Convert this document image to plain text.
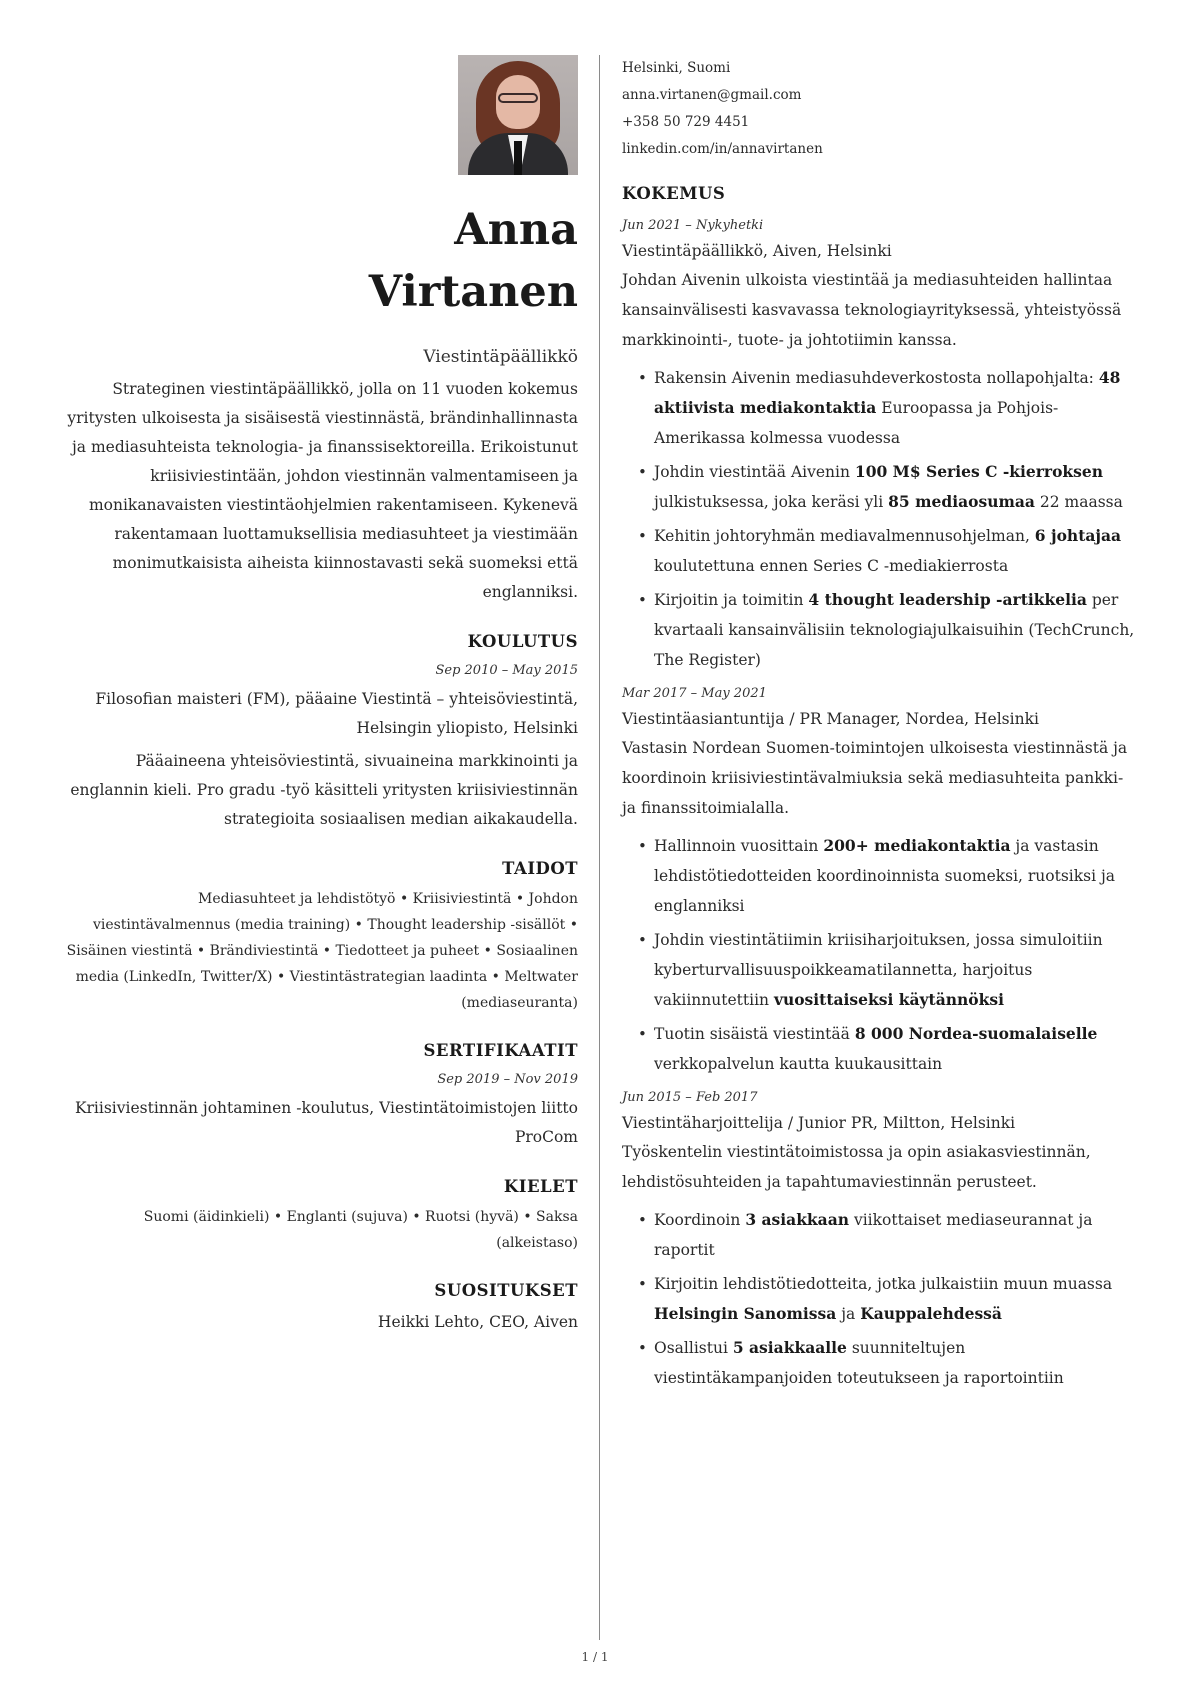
Anna
Virtanen
Viestintäpäällikkö
Strateginen viestintäpäällikkö, jolla on 11 vuoden kokemus yritysten ulkoisesta ja sisäisestä viestinnästä, brändinhallinnasta ja mediasuhteista teknologia- ja finanssisektoreilla. Erikoistunut kriisiviestintään, johdon viestinnän valmentamiseen ja monikanavaisten viestintäohjelmien rakentamiseen. Kykenevä rakentamaan luottamuksellisia mediasuhteet ja viestimään monimutkaisista aiheista kiinnostavasti sekä suomeksi että englanniksi.
KOULUTUS
Sep 2010 – May 2015
Filosofian maisteri (FM), pääaine Viestintä – yhteisöviestintä, Helsingin yliopisto, Helsinki
Pääaineena yhteisöviestintä, sivuaineina markkinointi ja englannin kieli. Pro gradu -työ käsitteli yritysten kriisiviestinnän strategioita sosiaalisen median aikakaudella.
TAIDOT
Mediasuhteet ja lehdistötyö • Kriisiviestintä • Johdon viestintävalmennus (media training) • Thought leadership -sisällöt • Sisäinen viestintä • Brändiviestintä • Tiedotteet ja puheet • Sosiaalinen media (LinkedIn, Twitter/X) • Viestintästrategian laadinta • Meltwater (mediaseuranta)
SERTIFIKAATIT
Sep 2019 – Nov 2019
Kriisiviestinnän johtaminen -koulutus, Viestintätoimistojen liitto ProCom
KIELET
Suomi (äidinkieli) • Englanti (sujuva) • Ruotsi (hyvä) • Saksa (alkeistaso)
SUOSITUKSET
Heikki Lehto, CEO, Aiven
Helsinki, Suomi
anna.virtanen@gmail.com
+358 50 729 4451
linkedin.com/in/annavirtanen
KOKEMUS
Jun 2021 – Nykyhetki
Viestintäpäällikkö, Aiven, Helsinki
Johdan Aivenin ulkoista viestintää ja mediasuhteiden hallintaa kansainvälisesti kasvavassa teknologiayrityksessä, yhteistyössä markkinointi-, tuote- ja johtotiimin kanssa.
• Rakensin Aivenin mediasuhdeverkostosta nollapohjalta: 48 aktiivista mediakontaktia Euroopassa ja Pohjois-Amerikassa kolmessa vuodessa
• Johdin viestintää Aivenin 100 M$ Series C -kierroksen julkistuksessa, joka keräsi yli 85 mediaosumaa 22 maassa
• Kehitin johtoryhmän mediavalmennusohjelman, 6 johtajaa koulutettuna ennen Series C -mediakierrosta
• Kirjoitin ja toimitin 4 thought leadership -artikkelia per kvartaali kansainvälisiin teknologiajulkaisuihin (TechCrunch, The Register)
Mar 2017 – May 2021
Viestintäasiantuntija / PR Manager, Nordea, Helsinki
Vastasin Nordean Suomen-toimintojen ulkoisesta viestinnästä ja koordinoin kriisiviestintävalmiuksia sekä mediasuhteita pankki- ja finanssitoimialalla.
• Hallinnoin vuosittain 200+ mediakontaktia ja vastasin lehdistötiedotteiden koordinoinnista suomeksi, ruotsiksi ja englanniksi
• Johdin viestintätiimin kriisiharjoituksen, jossa simuloitiin kyberturvallisuuspoikkeamatilannetta, harjoitus vakiinnutettiin vuosittaiseksi käytännöksi
• Tuotin sisäistä viestintää 8 000 Nordea-suomalaiselle verkkopalvelun kautta kuukausittain
Jun 2015 – Feb 2017
Viestintäharjoittelija / Junior PR, Miltton, Helsinki
Työskentelin viestintätoimistossa ja opin asiakasviestinnän, lehdistösuhteiden ja tapahtumaviestinnän perusteet.
• Koordinoin 3 asiakkaan viikottaiset mediaseurannat ja raportit
• Kirjoitin lehdistötiedotteita, jotka julkaistiin muun muassa Helsingin Sanomissa ja Kauppalehdessä
• Osallistui 5 asiakkaalle suunniteltujen viestintäkampanjoiden toteutukseen ja raportointiin
1 / 1
